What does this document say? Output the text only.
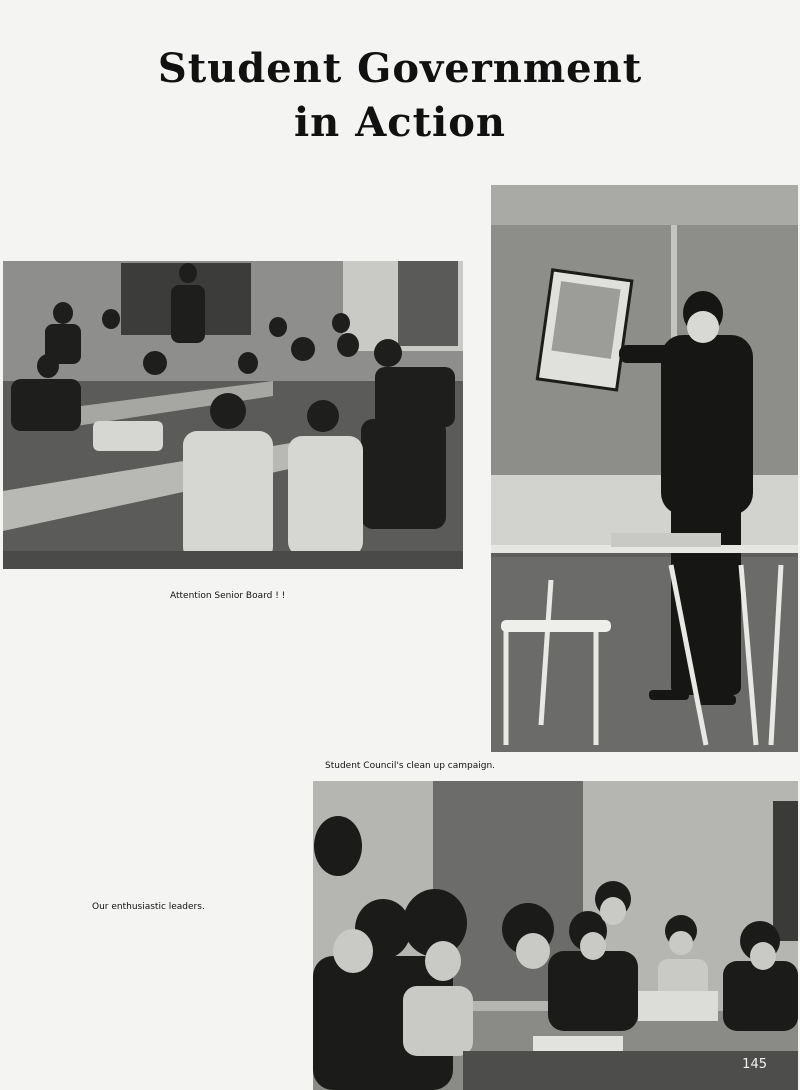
Student Government
in Action
Attention Senior Board ! !
Student Council's clean up campaign.
Our enthusiastic leaders.
145
